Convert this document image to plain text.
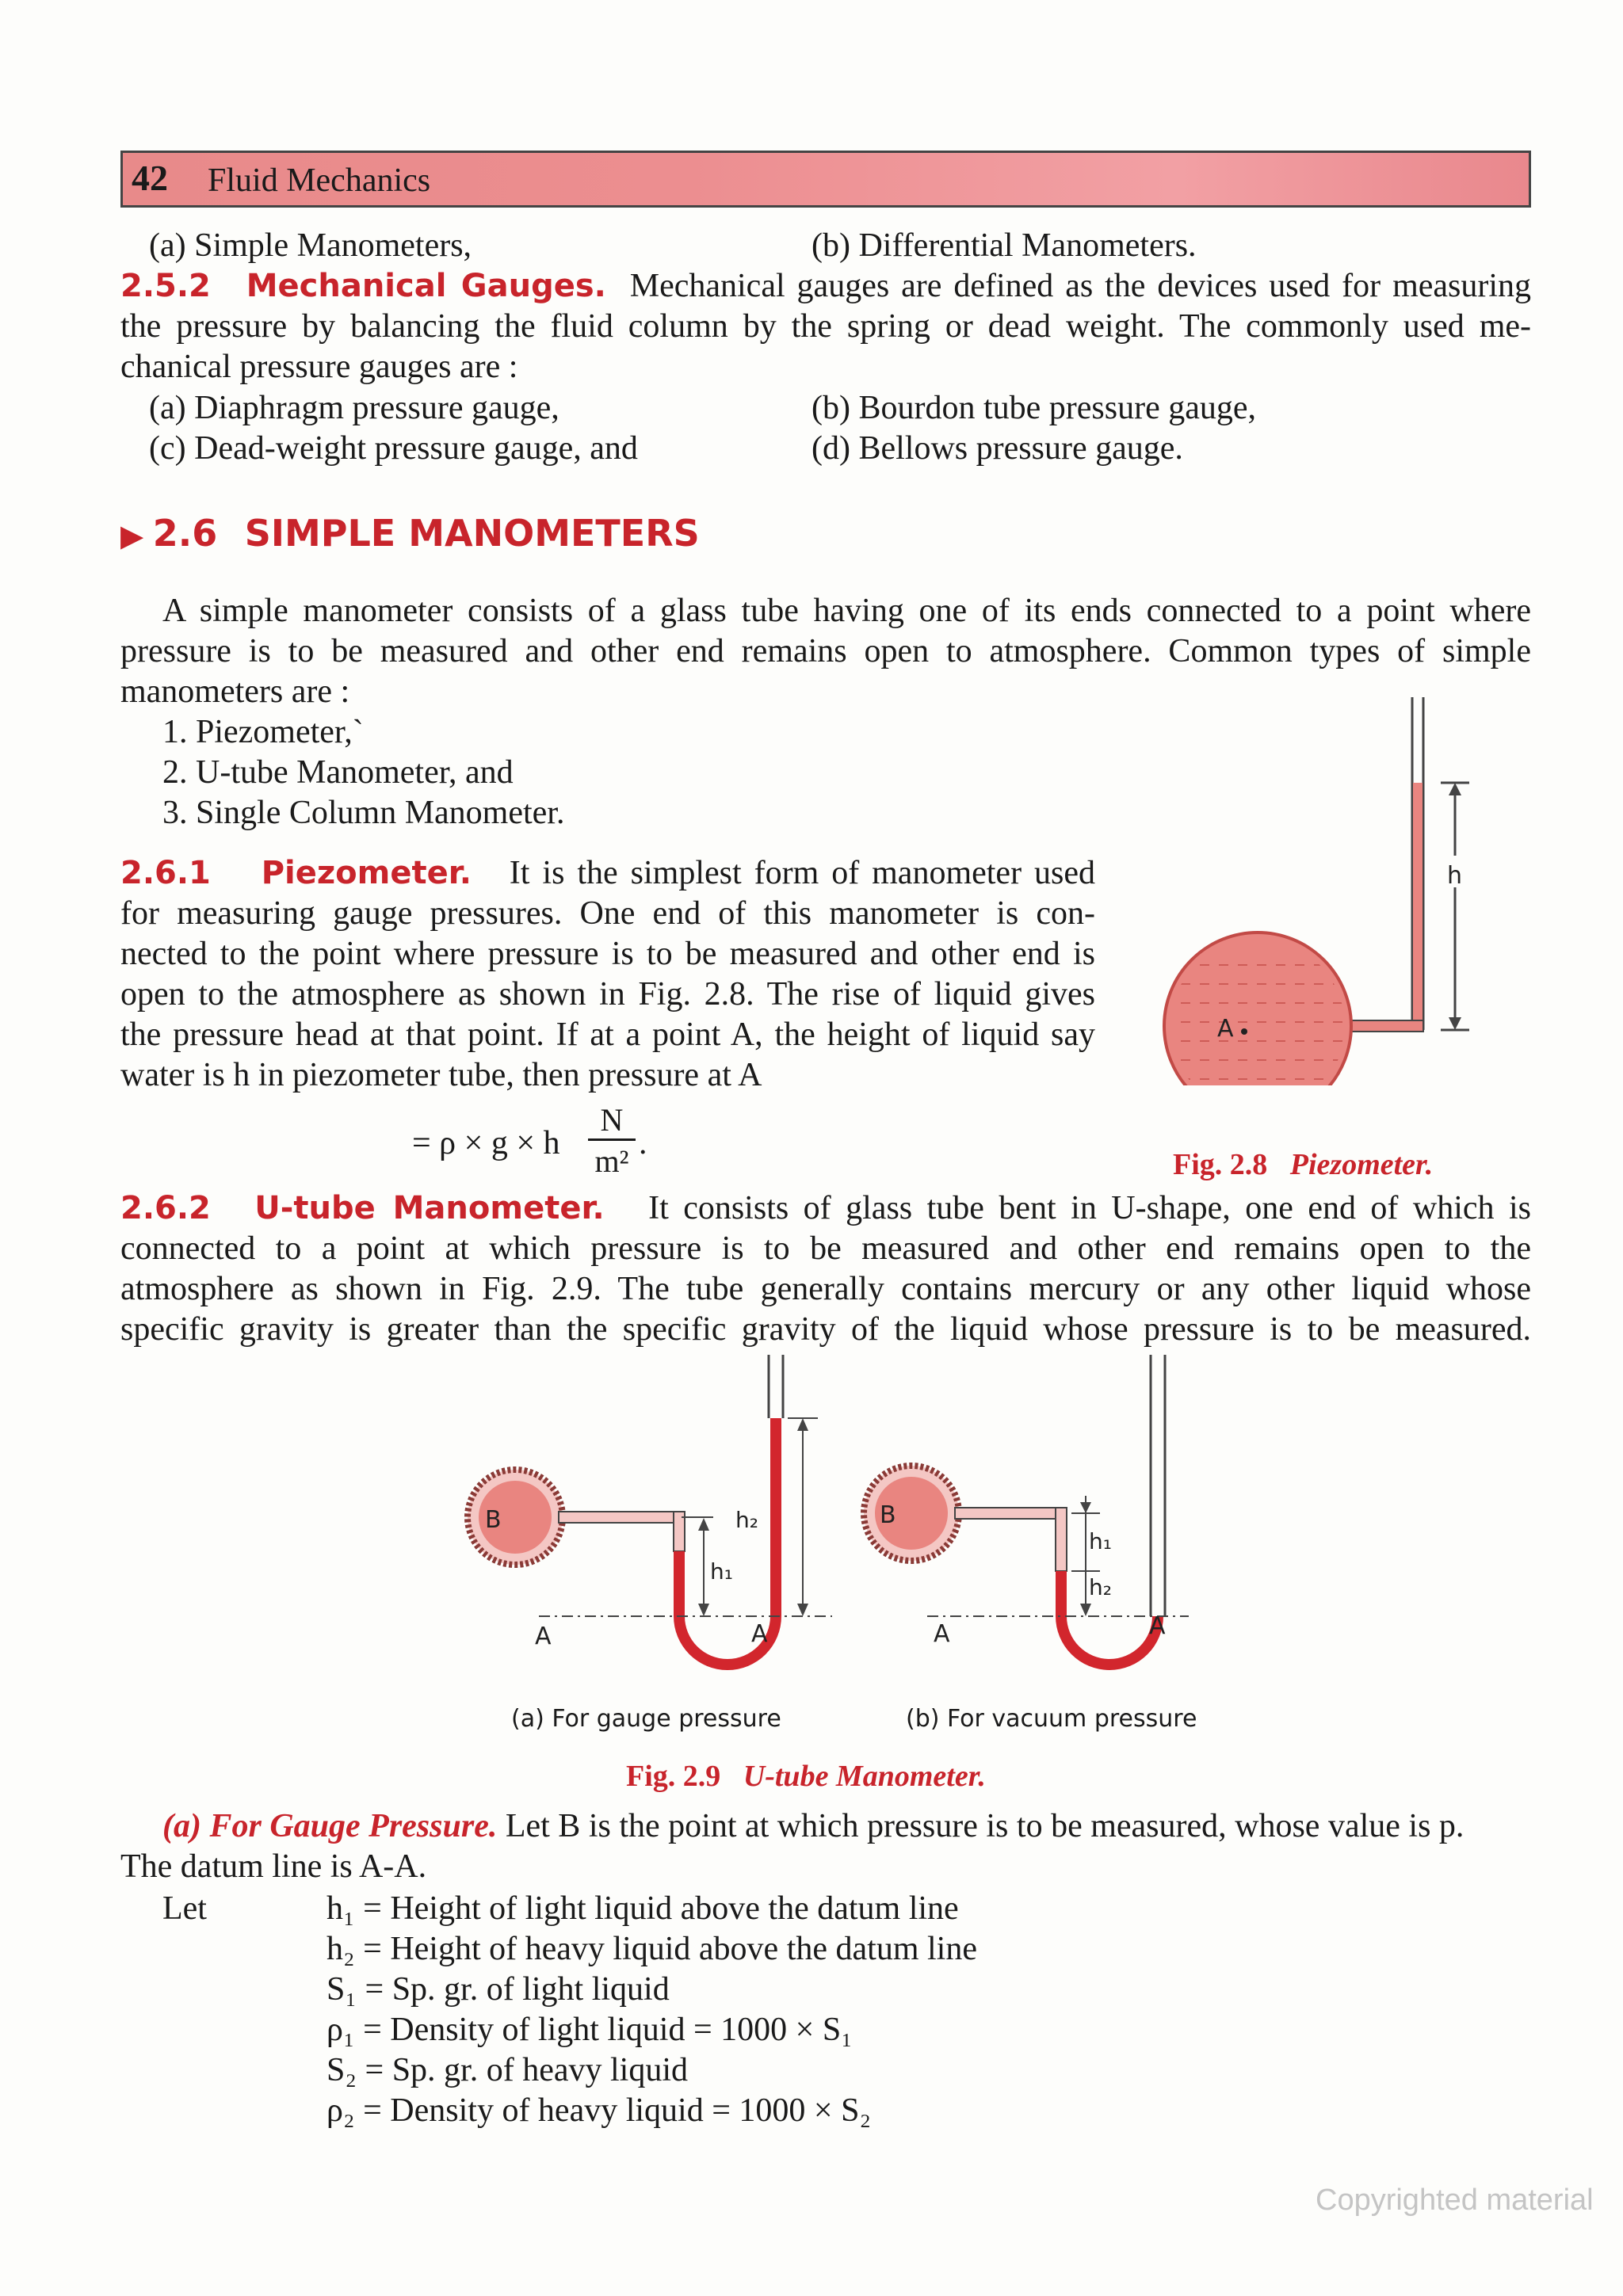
42 Fluid Mechanics
(a) Simple Manometers,	(b) Differential Manometers.
2.5.2 Mechanical Gauges. Mechanical gauges are defined as the devices used for measuring
the pressure by balancing the fluid column by the spring or dead weight. The commonly used me-
chanical pressure gauges are :
(a) Diaphragm pressure gauge,	(b) Bourdon tube pressure gauge,
(c) Dead-weight pressure gauge, and	(d) Bellows pressure gauge.
▶ 2.6 SIMPLE MANOMETERS
A simple manometer consists of a glass tube having one of its ends connected to a point where
pressure is to be measured and other end remains open to atmosphere. Common types of simple
manometers are :
1. Piezometer,`
2. U-tube Manometer, and
3. Single Column Manometer.
2.6.1 Piezometer. It is the simplest form of manometer used
for measuring gauge pressures. One end of this manometer is con-
nected to the point where pressure is to be measured and other end is
open to the atmosphere as shown in Fig. 2.8. The rise of liquid gives
the pressure head at that point. If at a point A, the height of liquid say
water is h in piezometer tube, then pressure at A
= ρ × g × h
N
m² .
A
h
Fig. 2.8 Piezometer.
2.6.2 U-tube Manometer. It consists of glass tube bent in U-shape, one end of which is
connected to a point at which pressure is to be measured and other end remains open to the
atmosphere as shown in Fig. 2.9. The tube generally contains mercury or any other liquid whose
specific gravity is greater than the specific gravity of the liquid whose pressure is to be measured.
B
A	A
h₁
h₂	B
A	A
h₁
h₂
(a) For gauge pressure	(b) For vacuum pressure
Fig. 2.9 U-tube Manometer.
(a) For Gauge Pressure. Let B is the point at which pressure is to be measured, whose value is p.
The datum line is A-A.
Let	h₁ = Height of light liquid above the datum line
h₂ = Height of heavy liquid above the datum line
S₁ = Sp. gr. of light liquid
ρ₁ = Density of light liquid = 1000 × S₁
S₂ = Sp. gr. of heavy liquid
ρ₂ = Density of heavy liquid = 1000 × S₂
Copyrighted material
